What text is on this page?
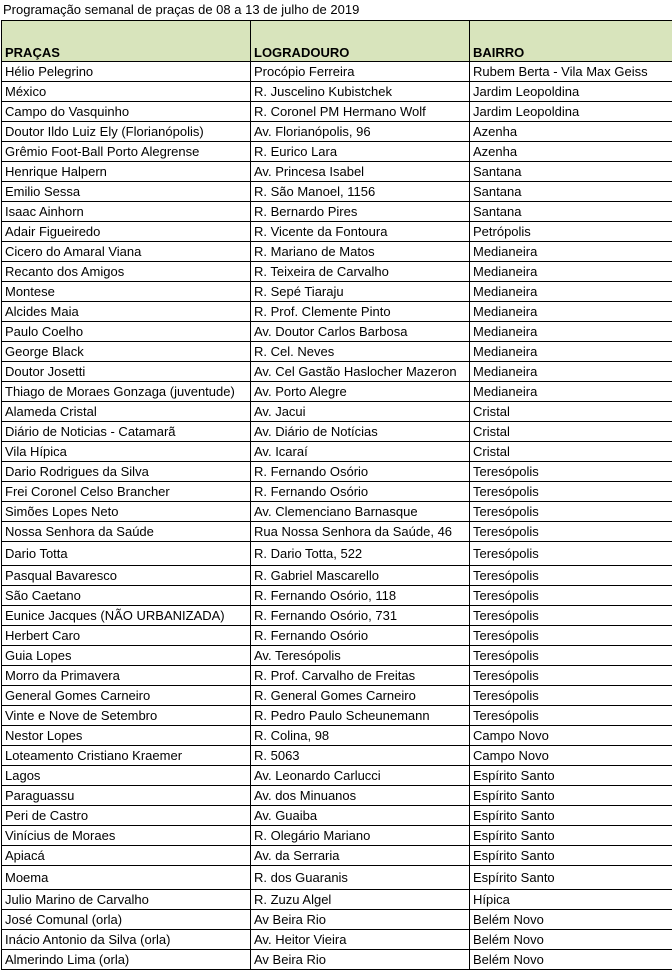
Programação semanal de praças de 08 a 13 de julho de 2019
PRAÇAS	LOGRADOURO	BAIRRO
Hélio Pelegrino	Procópio Ferreira	Rubem Berta - Vila Max Geiss
México	R. Juscelino Kubistchek	Jardim Leopoldina
Campo do Vasquinho	R. Coronel PM Hermano Wolf	Jardim Leopoldina
Doutor Ildo Luiz Ely (Florianópolis)	Av. Florianópolis, 96	Azenha
Grêmio Foot-Ball Porto Alegrense	R. Eurico Lara	Azenha
Henrique Halpern	Av. Princesa Isabel	Santana
Emilio Sessa	R. São Manoel, 1156	Santana
Isaac Ainhorn	R. Bernardo Pires	Santana
Adair Figueiredo	R. Vicente da Fontoura	Petrópolis
Cicero do Amaral Viana	R. Mariano de Matos	Medianeira
Recanto dos Amigos	R. Teixeira de Carvalho	Medianeira
Montese	R. Sepé Tiaraju	Medianeira
Alcides Maia	R. Prof. Clemente Pinto	Medianeira
Paulo Coelho	Av. Doutor Carlos Barbosa	Medianeira
George Black	R. Cel. Neves	Medianeira
Doutor Josetti	Av. Cel Gastão Haslocher Mazeron	Medianeira
Thiago de Moraes Gonzaga (juventude)	Av. Porto Alegre	Medianeira
Alameda Cristal	Av. Jacui	Cristal
Diário de Noticias - Catamarã	Av. Diário de Notícias	Cristal
Vila Hípica	Av. Icaraí	Cristal
Dario Rodrigues da Silva	R. Fernando Osório	Teresópolis
Frei Coronel Celso Brancher	R. Fernando Osório	Teresópolis
Simões Lopes Neto	Av. Clemenciano Barnasque	Teresópolis
Nossa Senhora da Saúde	Rua Nossa Senhora da Saúde, 46	Teresópolis
Dario Totta	R. Dario Totta, 522	Teresópolis
Pasqual Bavaresco	R. Gabriel Mascarello	Teresópolis
São Caetano	R. Fernando Osório, 118	Teresópolis
Eunice Jacques (NÃO URBANIZADA)	R. Fernando Osório, 731	Teresópolis
Herbert Caro	R. Fernando Osório	Teresópolis
Guia Lopes	Av. Teresópolis	Teresópolis
Morro da Primavera	R. Prof. Carvalho de Freitas	Teresópolis
General Gomes Carneiro	R. General Gomes Carneiro	Teresópolis
Vinte e Nove de Setembro	R. Pedro Paulo Scheunemann	Teresópolis
Nestor Lopes	R. Colina, 98	Campo Novo
Loteamento Cristiano Kraemer	R. 5063	Campo Novo
Lagos	Av. Leonardo Carlucci	Espírito Santo
Paraguassu	Av. dos Minuanos	Espírito Santo
Peri de Castro	Av. Guaiba	Espírito Santo
Vinícius de Moraes	R. Olegário Mariano	Espírito Santo
Apiacá	Av. da Serraria	Espírito Santo
Moema	R. dos Guaranis	Espírito Santo
Julio Marino de Carvalho	R. Zuzu Algel	Hípica
José Comunal (orla)	Av Beira Rio	Belém Novo
Inácio Antonio da Silva (orla)	Av. Heitor Vieira	Belém Novo
Almerindo Lima (orla)	Av Beira Rio	Belém Novo
